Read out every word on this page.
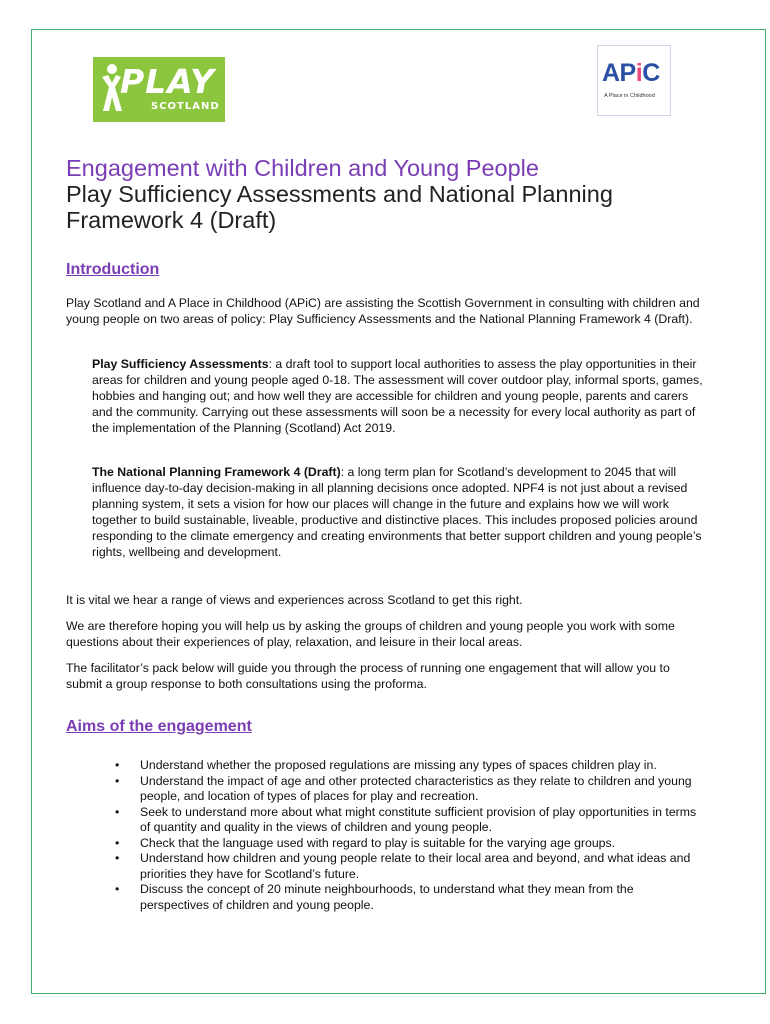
PLAY
SCOTLAND
APiC
A Place in Childhood
Engagement with Children and Young People
Play Sufficiency Assessments and National Planning Framework 4 (Draft)
Introduction
Play Scotland and A Place in Childhood (APiC) are assisting the Scottish Government in consulting with children and young people on two areas of policy: Play Sufficiency Assessments and the National Planning Framework 4 (Draft).
Play Sufficiency Assessments: a draft tool to support local authorities to assess the play opportunities in their areas for children and young people aged 0-18. The assessment will cover outdoor play, informal sports, games, hobbies and hanging out; and how well they are accessible for children and young people, parents and carers and the community. Carrying out these assessments will soon be a necessity for every local authority as part of the implementation of the Planning (Scotland) Act 2019.
The National Planning Framework 4 (Draft): a long term plan for Scotland’s development to 2045 that will influence day-to-day decision-making in all planning decisions once adopted. NPF4 is not just about a revised planning system, it sets a vision for how our places will change in the future and explains how we will work together to build sustainable, liveable, productive and distinctive places. This includes proposed policies around responding to the climate emergency and creating environments that better support children and young people’s rights, wellbeing and development.
It is vital we hear a range of views and experiences across Scotland to get this right.
We are therefore hoping you will help us by asking the groups of children and young people you work with some questions about their experiences of play, relaxation, and leisure in their local areas.
The facilitator’s pack below will guide you through the process of running one engagement that will allow you to submit a group response to both consultations using the proforma.
Aims of the engagement
• Understand whether the proposed regulations are missing any types of spaces children play in.
• Understand the impact of age and other protected characteristics as they relate to children and young people, and location of types of places for play and recreation.
• Seek to understand more about what might constitute sufficient provision of play opportunities in terms of quantity and quality in the views of children and young people.
• Check that the language used with regard to play is suitable for the varying age groups.
• Understand how children and young people relate to their local area and beyond, and what ideas and priorities they have for Scotland’s future.
• Discuss the concept of 20 minute neighbourhoods, to understand what they mean from the perspectives of children and young people.
